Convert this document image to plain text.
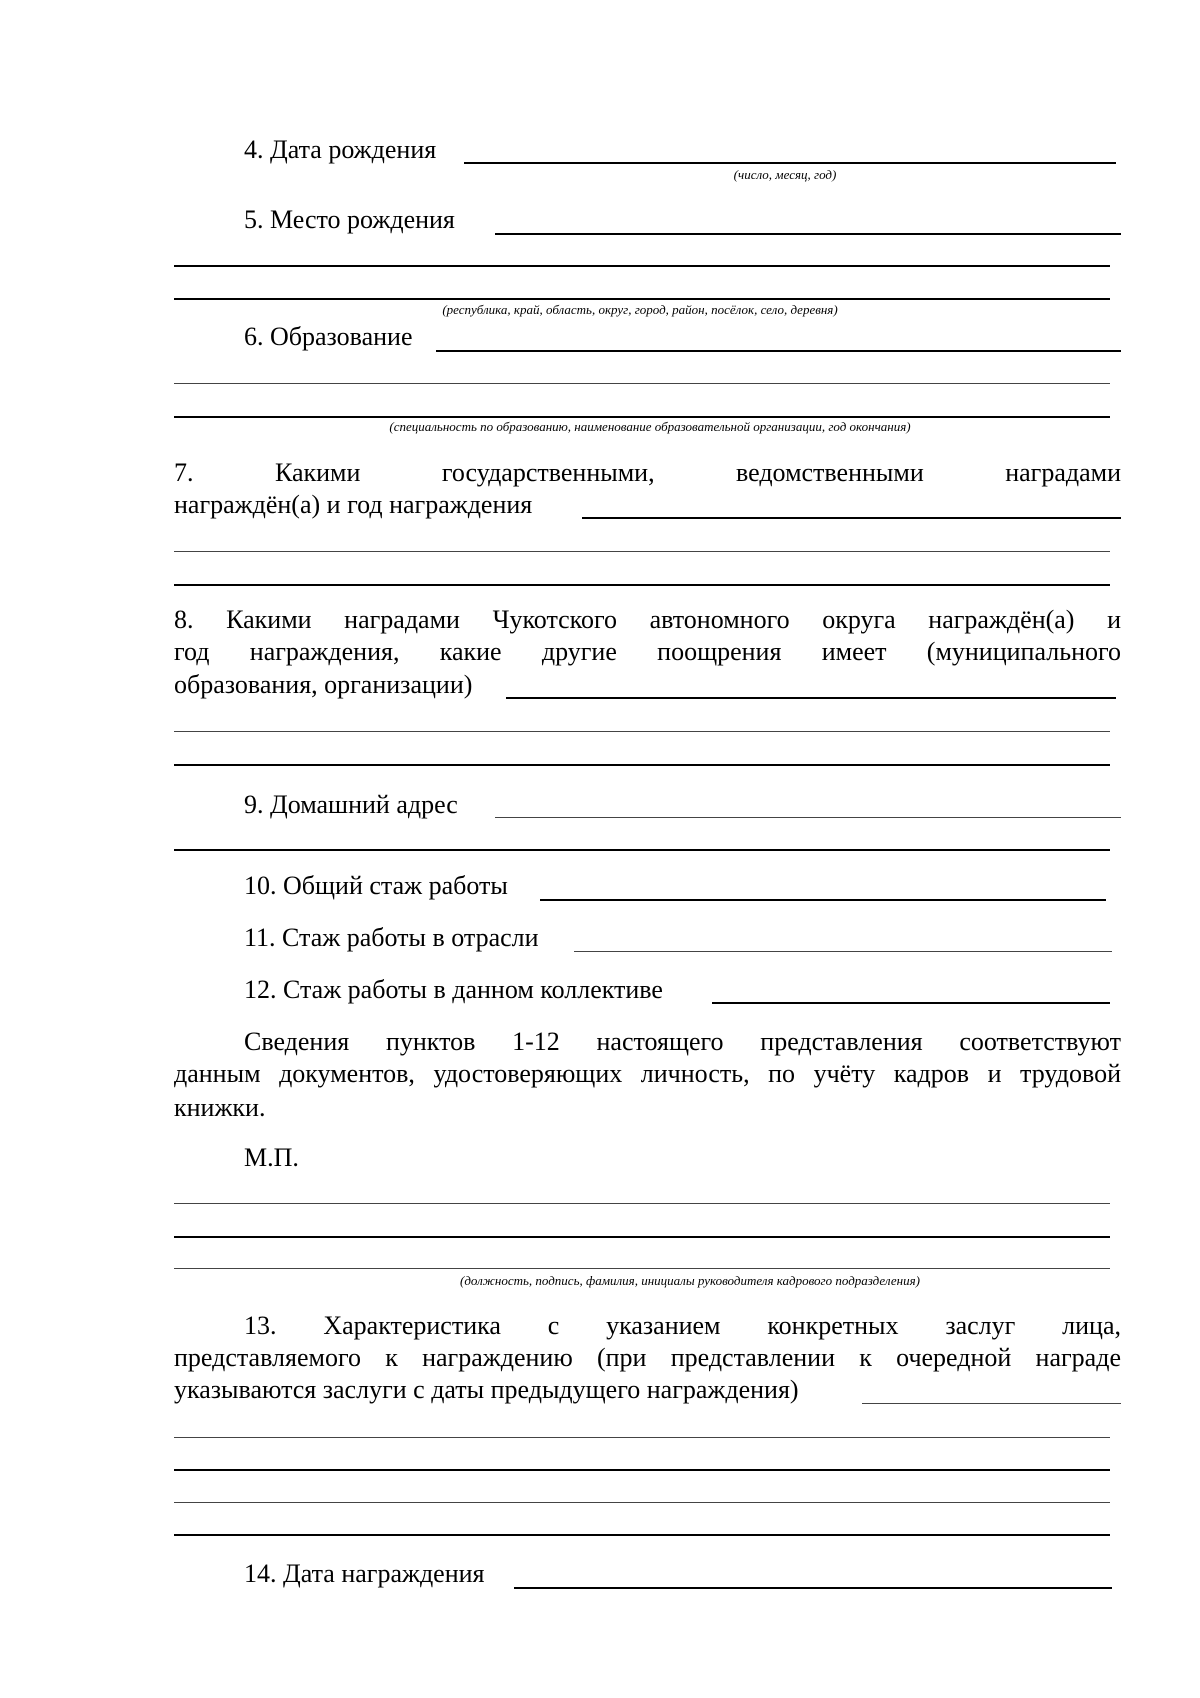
4. Дата рождения
(число, месяц, год)
5. Место рождения
(республика, край, область, округ, город, район, посёлок, село, деревня)
6. Образование
(специальность по образованию, наименование образовательной организации, год окончания)
7. Какими государственными, ведомственными наградами
награждён(а) и год награждения
8. Какими наградами Чукотского автономного округа награждён(а) и
год награждения, какие другие поощрения имеет (муниципального
образования, организации)
9. Домашний адрес
10. Общий стаж работы
11. Стаж работы в отрасли
12. Стаж работы в данном коллективе
Сведения пунктов 1-12 настоящего представления соответствуют
данным документов, удостоверяющих личность, по учёту кадров и трудовой
книжки.
М.П.
(должность, подпись, фамилия, инициалы руководителя кадрового подразделения)
13. Характеристика с указанием конкретных заслуг лица,
представляемого к награждению (при представлении к очередной награде
указываются заслуги с даты предыдущего награждения)
14. Дата награждения
